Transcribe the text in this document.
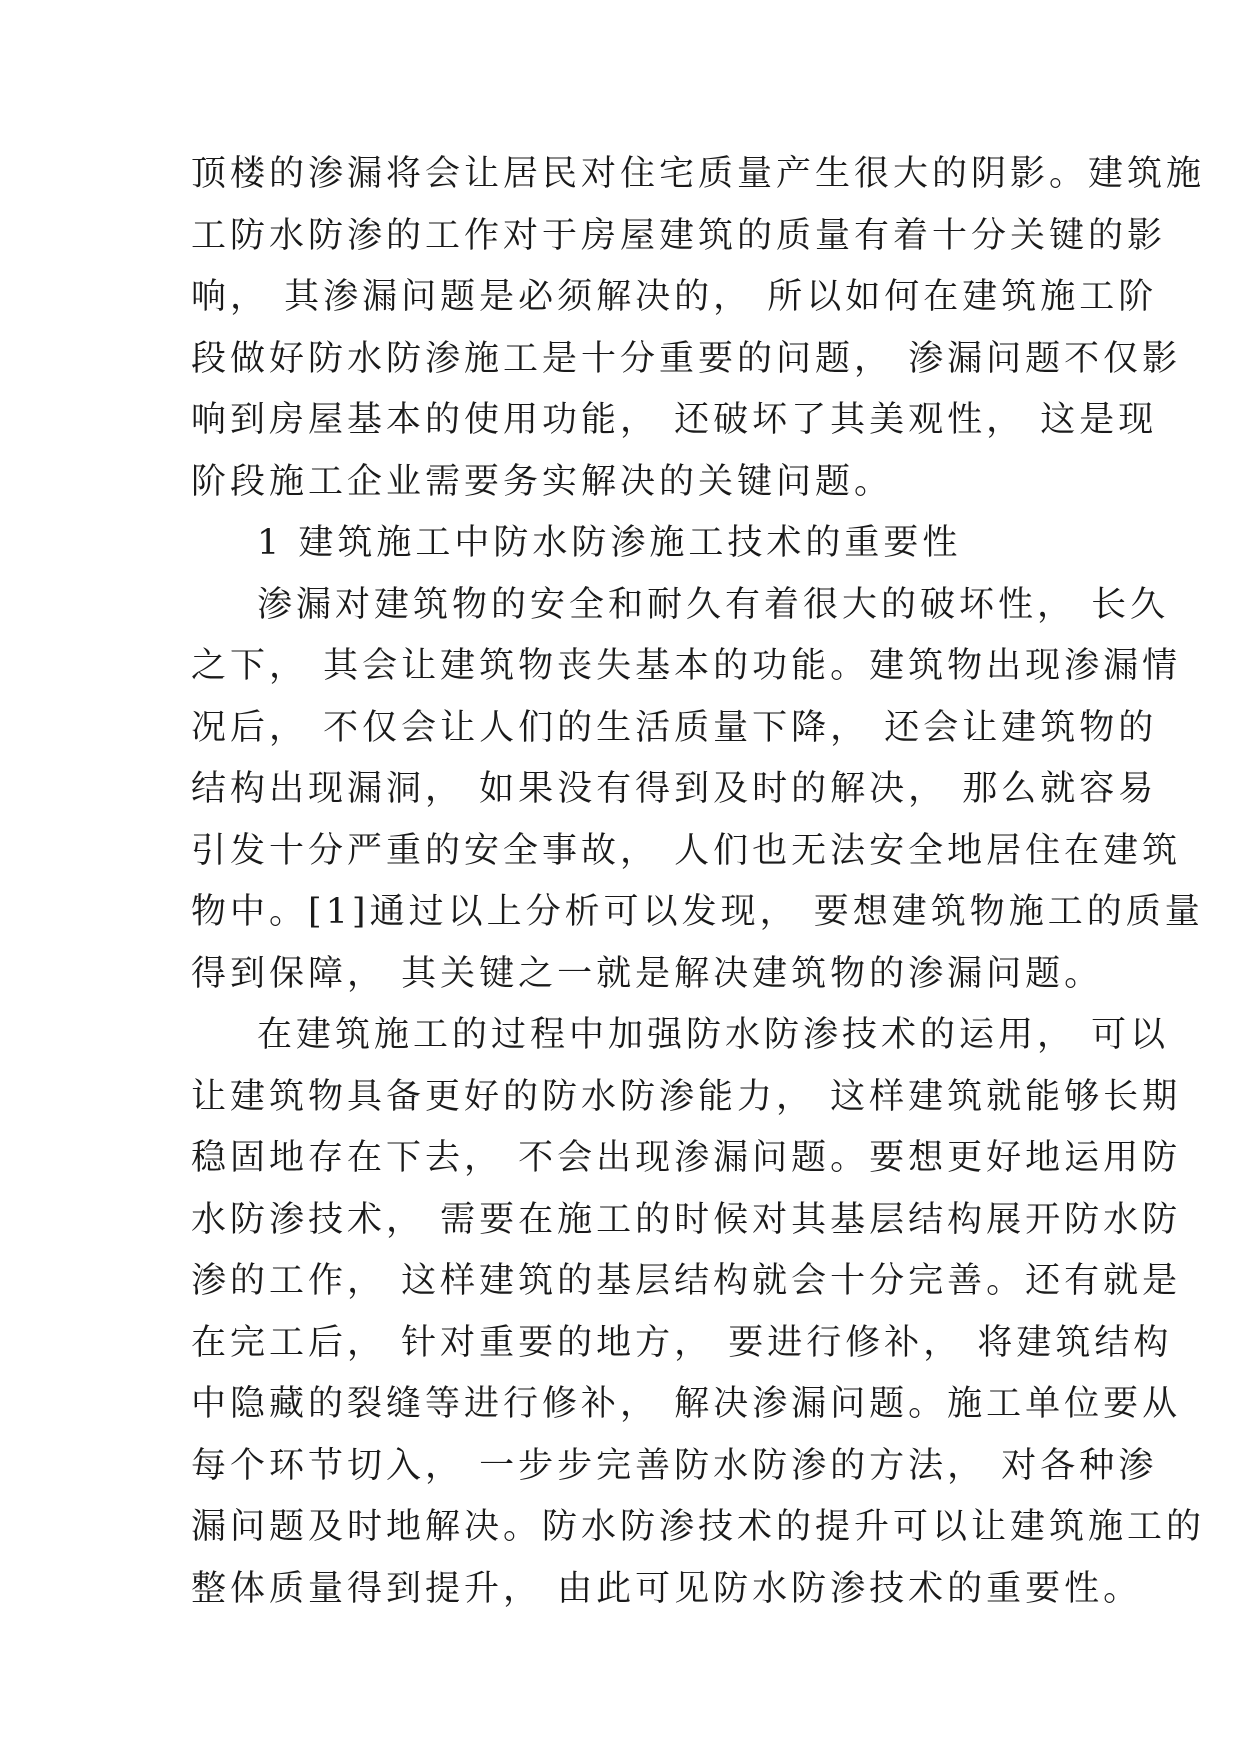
顶楼的渗漏将会让居民对住宅质量产生很大的阴影。建筑施
工防水防渗的工作对于房屋建筑的质量有着十分关键的影
响， 其渗漏问题是必须解决的， 所以如何在建筑施工阶
段做好防水防渗施工是十分重要的问题， 渗漏问题不仅影
响到房屋基本的使用功能， 还破坏了其美观性， 这是现
阶段施工企业需要务实解决的关键问题。
1 建筑施工中防水防渗施工技术的重要性
渗漏对建筑物的安全和耐久有着很大的破坏性， 长久
之下， 其会让建筑物丧失基本的功能。建筑物出现渗漏情
况后， 不仅会让人们的生活质量下降， 还会让建筑物的
结构出现漏洞， 如果没有得到及时的解决， 那么就容易
引发十分严重的安全事故， 人们也无法安全地居住在建筑
物中。[1]通过以上分析可以发现， 要想建筑物施工的质量
得到保障， 其关键之一就是解决建筑物的渗漏问题。
在建筑施工的过程中加强防水防渗技术的运用， 可以
让建筑物具备更好的防水防渗能力， 这样建筑就能够长期
稳固地存在下去， 不会出现渗漏问题。要想更好地运用防
水防渗技术， 需要在施工的时候对其基层结构展开防水防
渗的工作， 这样建筑的基层结构就会十分完善。还有就是
在完工后， 针对重要的地方， 要进行修补， 将建筑结构
中隐藏的裂缝等进行修补， 解决渗漏问题。施工单位要从
每个环节切入， 一步步完善防水防渗的方法， 对各种渗
漏问题及时地解决。防水防渗技术的提升可以让建筑施工的
整体质量得到提升， 由此可见防水防渗技术的重要性。
